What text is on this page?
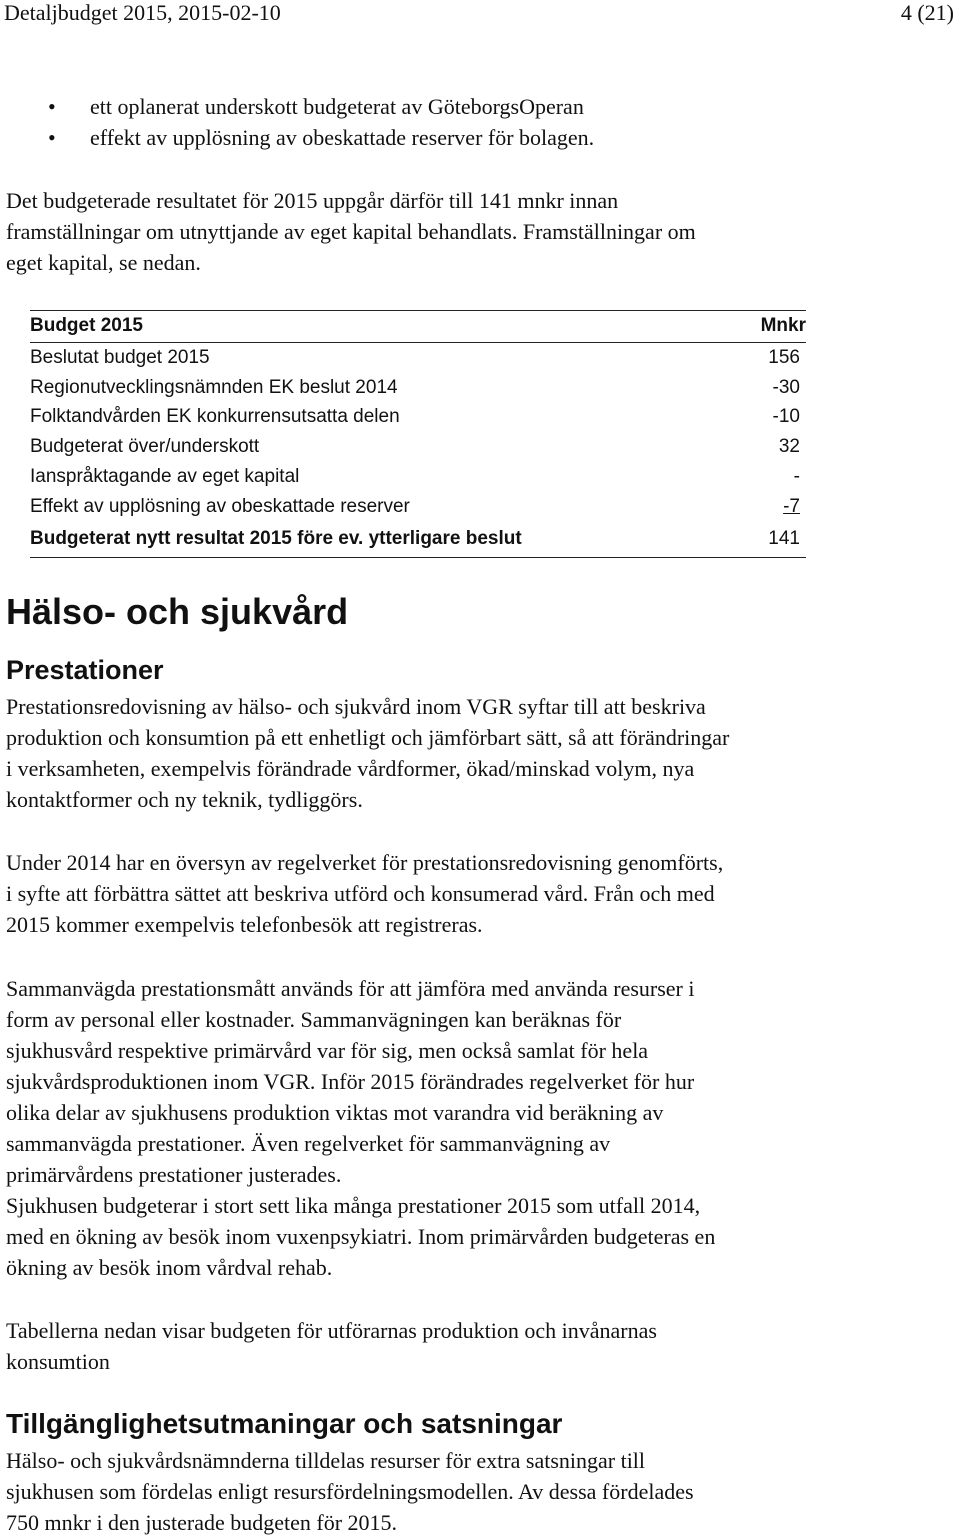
Detaljbudget 2015, 2015-02-10	4 (21)
• ett oplanerat underskott budgeterat av GöteborgsOperan
• effekt av upplösning av obeskattade reserver för bolagen.
Det budgeterade resultatet för 2015 uppgår därför till 141 mnkr innan
framställningar om utnyttjande av eget kapital behandlats. Framställningar om
eget kapital, se nedan.
Budget 2015	Mnkr
Beslutat budget 2015	156
Regionutvecklingsnämnden EK beslut 2014	-30
Folktandvården EK konkurrensutsatta delen	-10
Budgeterat över/underskott	32
Ianspråktagande av eget kapital	-
Effekt av upplösning av obeskattade reserver	-7
Budgeterat nytt resultat 2015 före ev. ytterligare beslut	141
Hälso- och sjukvård
Prestationer
Prestationsredovisning av hälso- och sjukvård inom VGR syftar till att beskriva
produktion och konsumtion på ett enhetligt och jämförbart sätt, så att förändringar
i verksamheten, exempelvis förändrade vårdformer, ökad/minskad volym, nya
kontaktformer och ny teknik, tydliggörs.
Under 2014 har en översyn av regelverket för prestationsredovisning genomförts,
i syfte att förbättra sättet att beskriva utförd och konsumerad vård. Från och med
2015 kommer exempelvis telefonbesök att registreras.
Sammanvägda prestationsmått används för att jämföra med använda resurser i
form av personal eller kostnader. Sammanvägningen kan beräknas för
sjukhusvård respektive primärvård var för sig, men också samlat för hela
sjukvårdsproduktionen inom VGR. Inför 2015 förändrades regelverket för hur
olika delar av sjukhusens produktion viktas mot varandra vid beräkning av
sammanvägda prestationer. Även regelverket för sammanvägning av
primärvårdens prestationer justerades.
Sjukhusen budgeterar i stort sett lika många prestationer 2015 som utfall 2014,
med en ökning av besök inom vuxenpsykiatri. Inom primärvården budgeteras en
ökning av besök inom vårdval rehab.
Tabellerna nedan visar budgeten för utförarnas produktion och invånarnas
konsumtion
Tillgänglighetsutmaningar och satsningar
Hälso- och sjukvårdsnämnderna tilldelas resurser för extra satsningar till
sjukhusen som fördelas enligt resursfördelningsmodellen. Av dessa fördelades
750 mnkr i den justerade budgeten för 2015.
